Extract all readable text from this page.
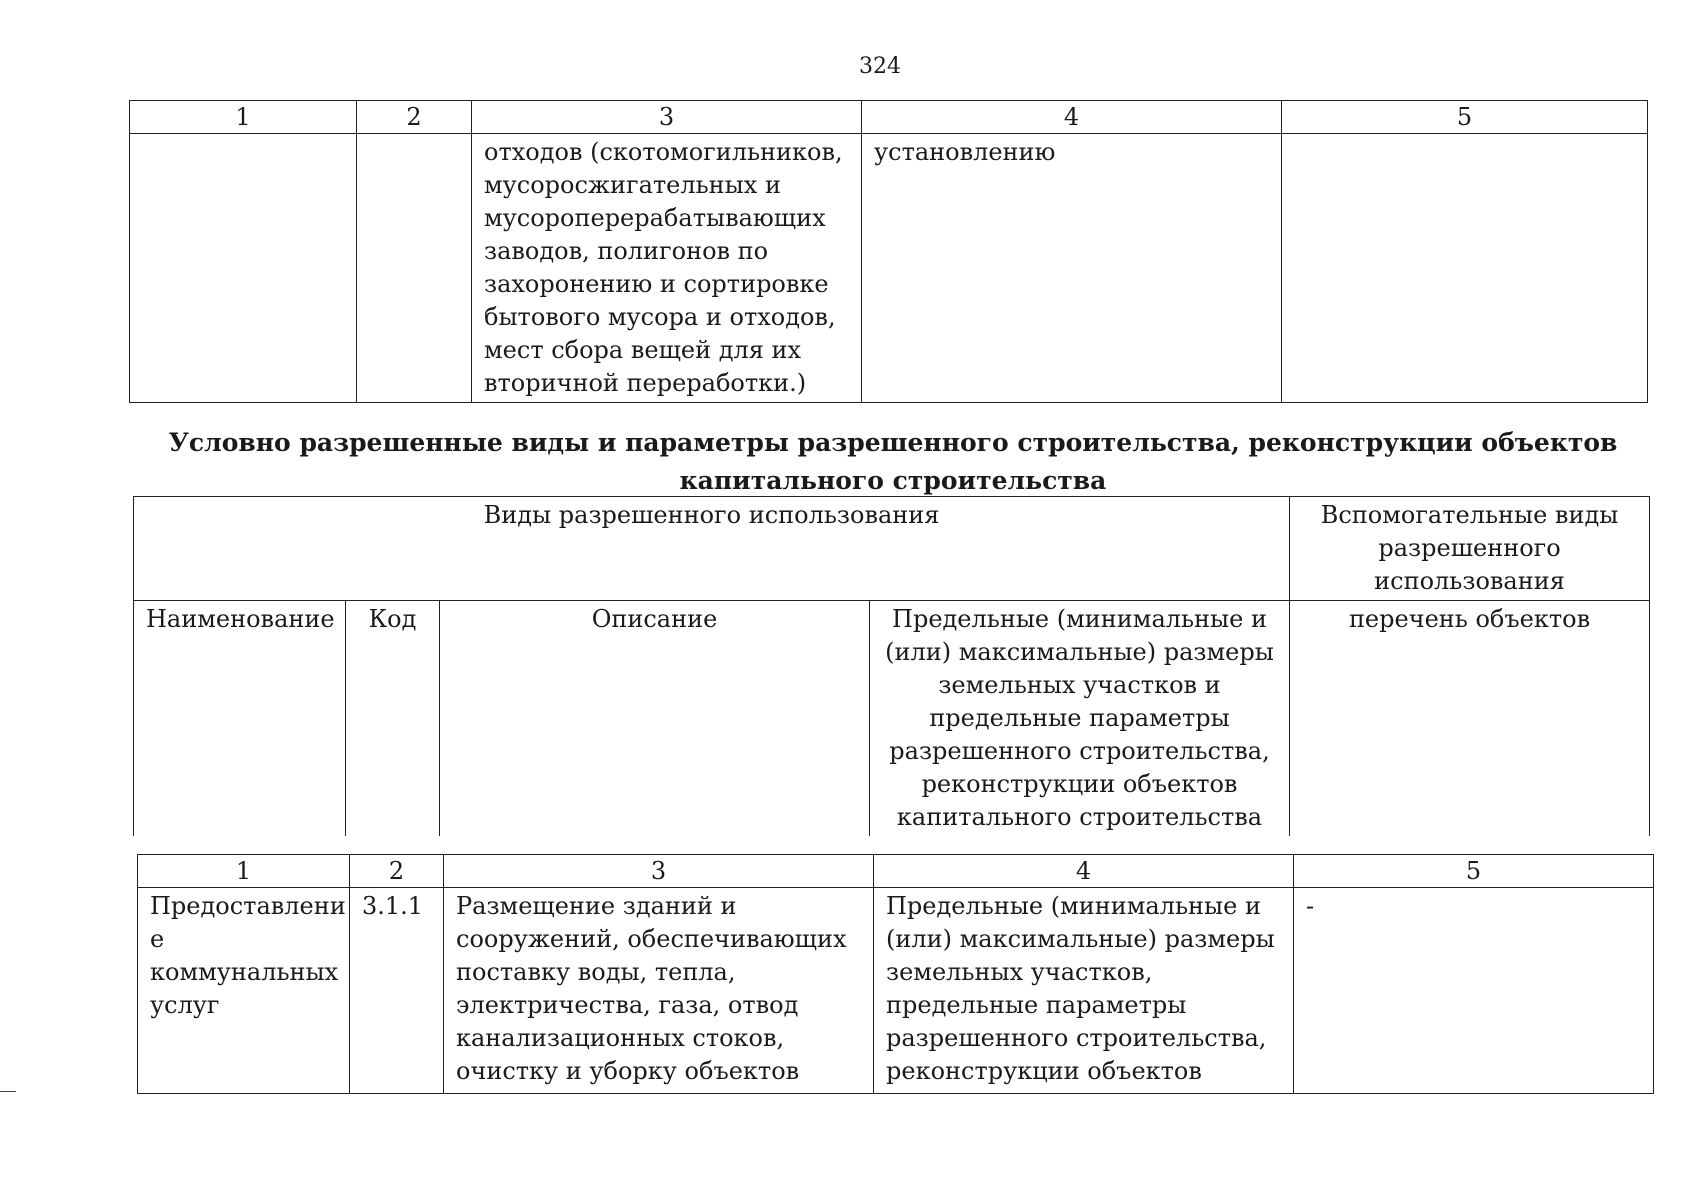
324
1	2	3	4	5

		отходов (скотомогильников, мусоросжигательных и мусороперерабатывающих заводов, полигонов по захоронению и сортировке бытового мусора и отходов, мест сбора вещей для их вторичной переработки.)	установлению	

Условно разрешенные виды и параметры разрешенного строительства, реконструкции объектов капитального строительства
Виды разрешенного использования				Вспомогательные виды разрешенного использования

Наименование	Код	Описание	Предельные (минимальные и (или) максимальные) размеры земельных участков и предельные параметры разрешенного строительства, реконструкции объектов капитального строительства	перечень объектов
1	2	3	4	5

Предоставлени е коммунальных услуг	3.1.1	Размещение зданий и сооружений, обеспечивающих поставку воды, тепла, электричества, газа, отвод канализационных стоков, очистку и уборку объектов	Предельные (минимальные и (или) максимальные) размеры земельных участков, предельные параметры разрешенного строительства, реконструкции объектов	-
